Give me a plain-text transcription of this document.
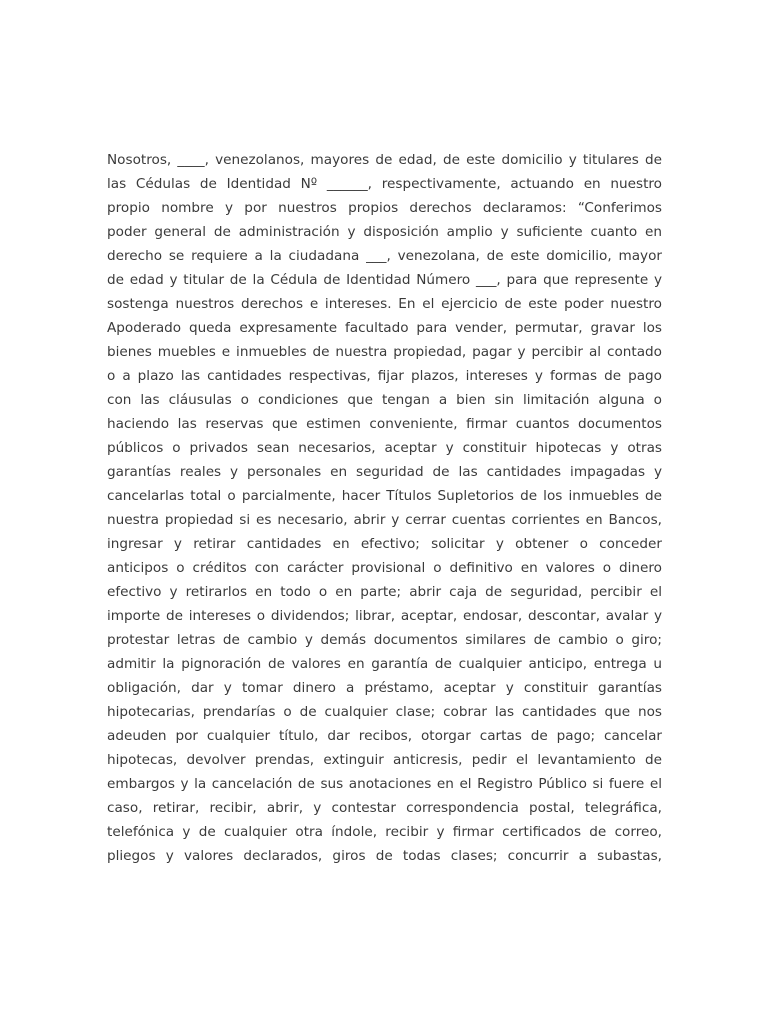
Nosotros, ____, venezolanos, mayores de edad, de este domicilio y titulares de
las Cédulas de Identidad Nº ______, respectivamente, actuando en nuestro
propio nombre y por nuestros propios derechos declaramos: “Conferimos
poder general de administración y disposición amplio y suficiente cuanto en
derecho se requiere a la ciudadana ___, venezolana, de este domicilio, mayor
de edad y titular de la Cédula de Identidad Número ___, para que represente y
sostenga nuestros derechos e intereses. En el ejercicio de este poder nuestro
Apoderado queda expresamente facultado para vender, permutar, gravar los
bienes muebles e inmuebles de nuestra propiedad, pagar y percibir al contado
o a plazo las cantidades respectivas, fijar plazos, intereses y formas de pago
con las cláusulas o condiciones que tengan a bien sin limitación alguna o
haciendo las reservas que estimen conveniente, firmar cuantos documentos
públicos o privados sean necesarios, aceptar y constituir hipotecas y otras
garantías reales y personales en seguridad de las cantidades impagadas y
cancelarlas total o parcialmente, hacer Títulos Supletorios de los inmuebles de
nuestra propiedad si es necesario, abrir y cerrar cuentas corrientes en Bancos,
ingresar y retirar cantidades en efectivo; solicitar y obtener o conceder
anticipos o créditos con carácter provisional o definitivo en valores o dinero
efectivo y retirarlos en todo o en parte; abrir caja de seguridad, percibir el
importe de intereses o dividendos; librar, aceptar, endosar, descontar, avalar y
protestar letras de cambio y demás documentos similares de cambio o giro;
admitir la pignoración de valores en garantía de cualquier anticipo, entrega u
obligación, dar y tomar dinero a préstamo, aceptar y constituir garantías
hipotecarias, prendarías o de cualquier clase; cobrar las cantidades que nos
adeuden por cualquier título, dar recibos, otorgar cartas de pago; cancelar
hipotecas, devolver prendas, extinguir anticresis, pedir el levantamiento de
embargos y la cancelación de sus anotaciones en el Registro Público si fuere el
caso, retirar, recibir, abrir, y contestar correspondencia postal, telegráfica,
telefónica y de cualquier otra índole, recibir y firmar certificados de correo,
pliegos y valores declarados, giros de todas clases; concurrir a subastas,
